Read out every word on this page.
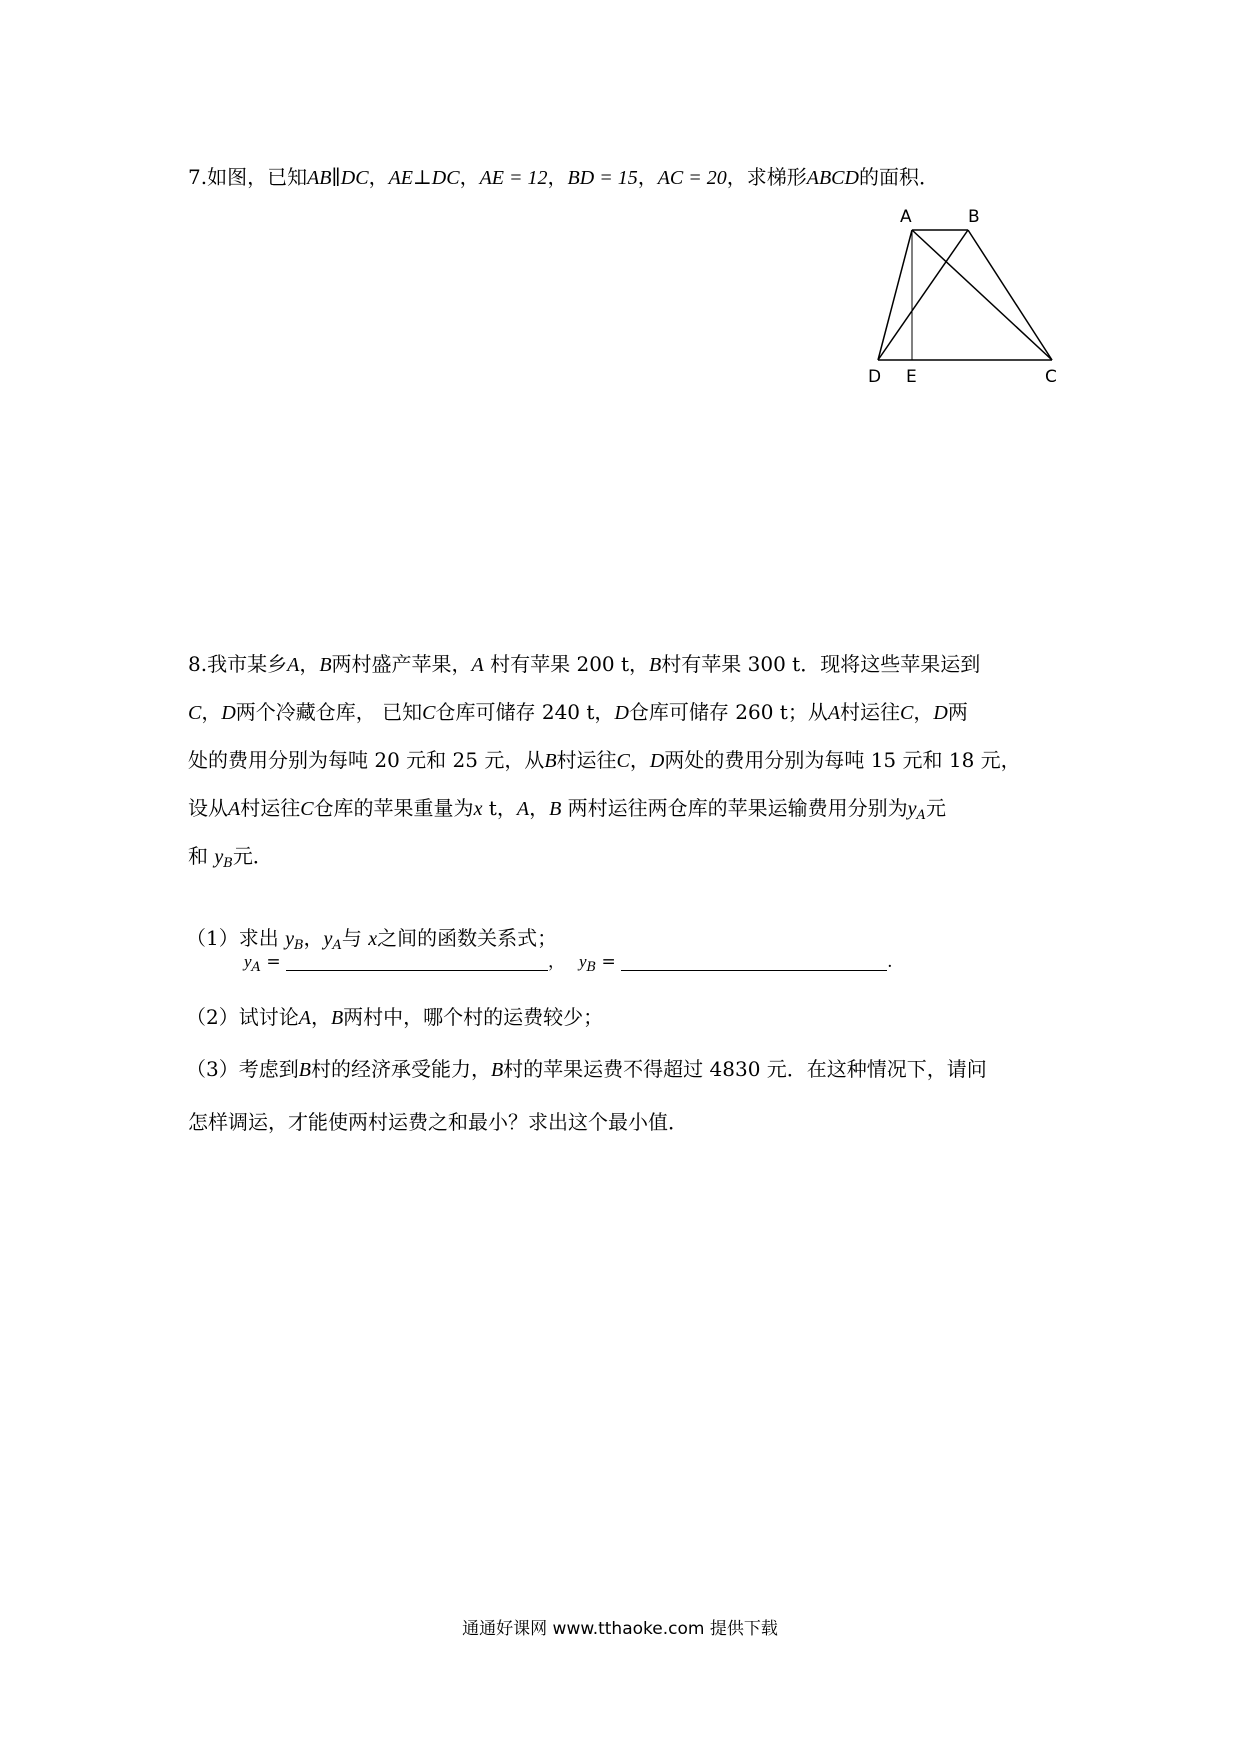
7.如图，已知AB∥DC，AE⊥DC，AE = 12，BD = 15，AC = 20，求梯形ABCD的面积．

A	B
D E	C

8.我市某乡A，B两村盛产苹果，A 村有苹果 200 t，B村有苹果 300 t．现将这些苹果运到

C，D两个冷藏仓库， 已知C仓库可储存 240 t，D仓库可储存 260 t；从A村运往C，D两

处的费用分别为每吨 20 元和 25 元，从B村运往C，D两处的费用分别为每吨 15 元和 18 元，

设从A村运往C仓库的苹果重量为x t，A，B 两村运往两仓库的苹果运输费用分别为$y_A$元

和 $y_B$元．

（1）求出 $y_B$，$y_A$与 x之间的函数关系式；

$y_A$ =	， $y_B$ =	.

（2）试讨论A，B两村中，哪个村的运费较少；

（3）考虑到B村的经济承受能力，B村的苹果运费不得超过 4830 元．在这种情况下，请问

怎样调运，才能使两村运费之和最小？求出这个最小值．

通通好课网 www.tthaoke.com 提供下载
